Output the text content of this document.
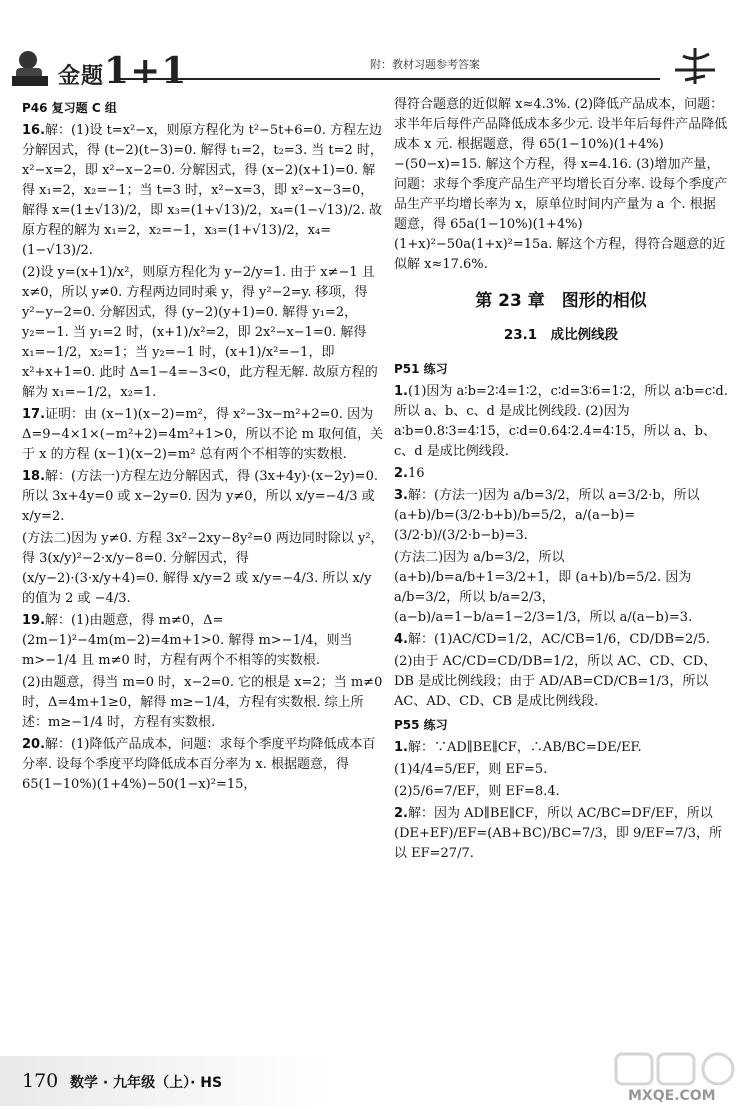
金题1+1	附：教材习题参考答案
P46 复习题 C 组

16.解：(1)设 t=x²−x，则原方程化为 t²−5t+6=0. 方程左边分解因式，得 (t−2)(t−3)=0. 解得 t₁=2，t₂=3. 当 t=2 时，x²−x=2，即 x²−x−2=0. 分解因式，得 (x−2)(x+1)=0. 解得 x₁=2，x₂=−1；当 t=3 时，x²−x=3，即 x²−x−3=0，解得 x=(1±√13)/2，即 x₃=(1+√13)/2，x₄=(1−√13)/2. 故原方程的解为 x₁=2，x₂=−1，x₃=(1+√13)/2，x₄=(1−√13)/2.

(2)设 y=(x+1)/x²，则原方程化为 y−2/y=1. 由于 x≠−1 且 x≠0，所以 y≠0. 方程两边同时乘 y，得 y²−2=y. 移项，得 y²−y−2=0. 分解因式，得 (y−2)(y+1)=0. 解得 y₁=2，y₂=−1. 当 y₁=2 时，(x+1)/x²=2，即 2x²−x−1=0. 解得 x₁=−1/2，x₂=1；当 y₂=−1 时，(x+1)/x²=−1，即 x²+x+1=0. 此时 Δ=1−4=−3<0，此方程无解. 故原方程的解为 x₁=−1/2，x₂=1.

17.证明：由 (x−1)(x−2)=m²，得 x²−3x−m²+2=0. 因为 Δ=9−4×1×(−m²+2)=4m²+1>0，所以不论 m 取何值，关于 x 的方程 (x−1)(x−2)=m² 总有两个不相等的实数根.

18.解：(方法一)方程左边分解因式，得 (3x+4y)·(x−2y)=0. 所以 3x+4y=0 或 x−2y=0. 因为 y≠0，所以 x/y=−4/3 或 x/y=2.

(方法二)因为 y≠0. 方程 3x²−2xy−8y²=0 两边同时除以 y²，得 3(x/y)²−2·x/y−8=0. 分解因式，得 (x/y−2)·(3·x/y+4)=0. 解得 x/y=2 或 x/y=−4/3. 所以 x/y 的值为 2 或 −4/3.

19.解：(1)由题意，得 m≠0，Δ=(2m−1)²−4m(m−2)=4m+1>0. 解得 m>−1/4，则当 m>−1/4 且 m≠0 时，方程有两个不相等的实数根.

(2)由题意，得当 m=0 时，x−2=0. 它的根是 x=2；当 m≠0 时，Δ=4m+1≥0，解得 m≥−1/4，方程有实数根. 综上所述：m≥−1/4 时，方程有实数根.

20.解：(1)降低产品成本，问题：求每个季度平均降低成本百分率. 设每个季度平均降低成本百分率为 x. 根据题意，得 65(1−10%)(1+4%)−50(1−x)²=15，

得符合题意的近似解 x≈4.3%. (2)降低产品成本，问题：求半年后每件产品降低成本多少元. 设半年后每件产品降低成本 x 元. 根据题意，得 65(1−10%)(1+4%)−(50−x)=15. 解这个方程，得 x=4.16. (3)增加产量，问题：求每个季度产品生产平均增长百分率. 设每个季度产品生产平均增长率为 x，原单位时间内产量为 a 个. 根据题意，得 65a(1−10%)(1+4%)(1+x)²−50a(1+x)²=15a. 解这个方程，得符合题意的近似解 x≈17.6%.

第 23 章　图形的相似
23.1　成比例线段
P51 练习

1.(1)因为 a∶b=2∶4=1∶2，c∶d=3∶6=1∶2，所以 a∶b=c∶d. 所以 a、b、c、d 是成比例线段. (2)因为 a∶b=0.8∶3=4∶15，c∶d=0.64∶2.4=4∶15，所以 a、b、c、d 是成比例线段.

2.16

3.解：(方法一)因为 a/b=3/2，所以 a=3/2·b，所以 (a+b)/b=(3/2·b+b)/b=5/2，a/(a−b)=(3/2·b)/(3/2·b−b)=3.

(方法二)因为 a/b=3/2，所以 (a+b)/b=a/b+1=3/2+1，即 (a+b)/b=5/2. 因为 a/b=3/2，所以 b/a=2/3，(a−b)/a=1−b/a=1−2/3=1/3，所以 a/(a−b)=3.

4.解：(1)AC/CD=1/2，AC/CB=1/6，CD/DB=2/5.

(2)由于 AC/CD=CD/DB=1/2，所以 AC、CD、CD、DB 是成比例线段；由于 AD/AB=CD/CB=1/3，所以 AC、AD、CD、CB 是成比例线段.

P55 练习

1.解：∵AD∥BE∥CF，∴AB/BC=DE/EF.

(1)4/4=5/EF，则 EF=5.

(2)5/6=7/EF，则 EF=8.4.

2.解：因为 AD∥BE∥CF，所以 AC/BC=DF/EF，所以 (DE+EF)/EF=(AB+BC)/BC=7/3，即 9/EF=7/3，所以 EF=27/7.

170 数学 · 九年级（上）· HS
MXQE.COM
